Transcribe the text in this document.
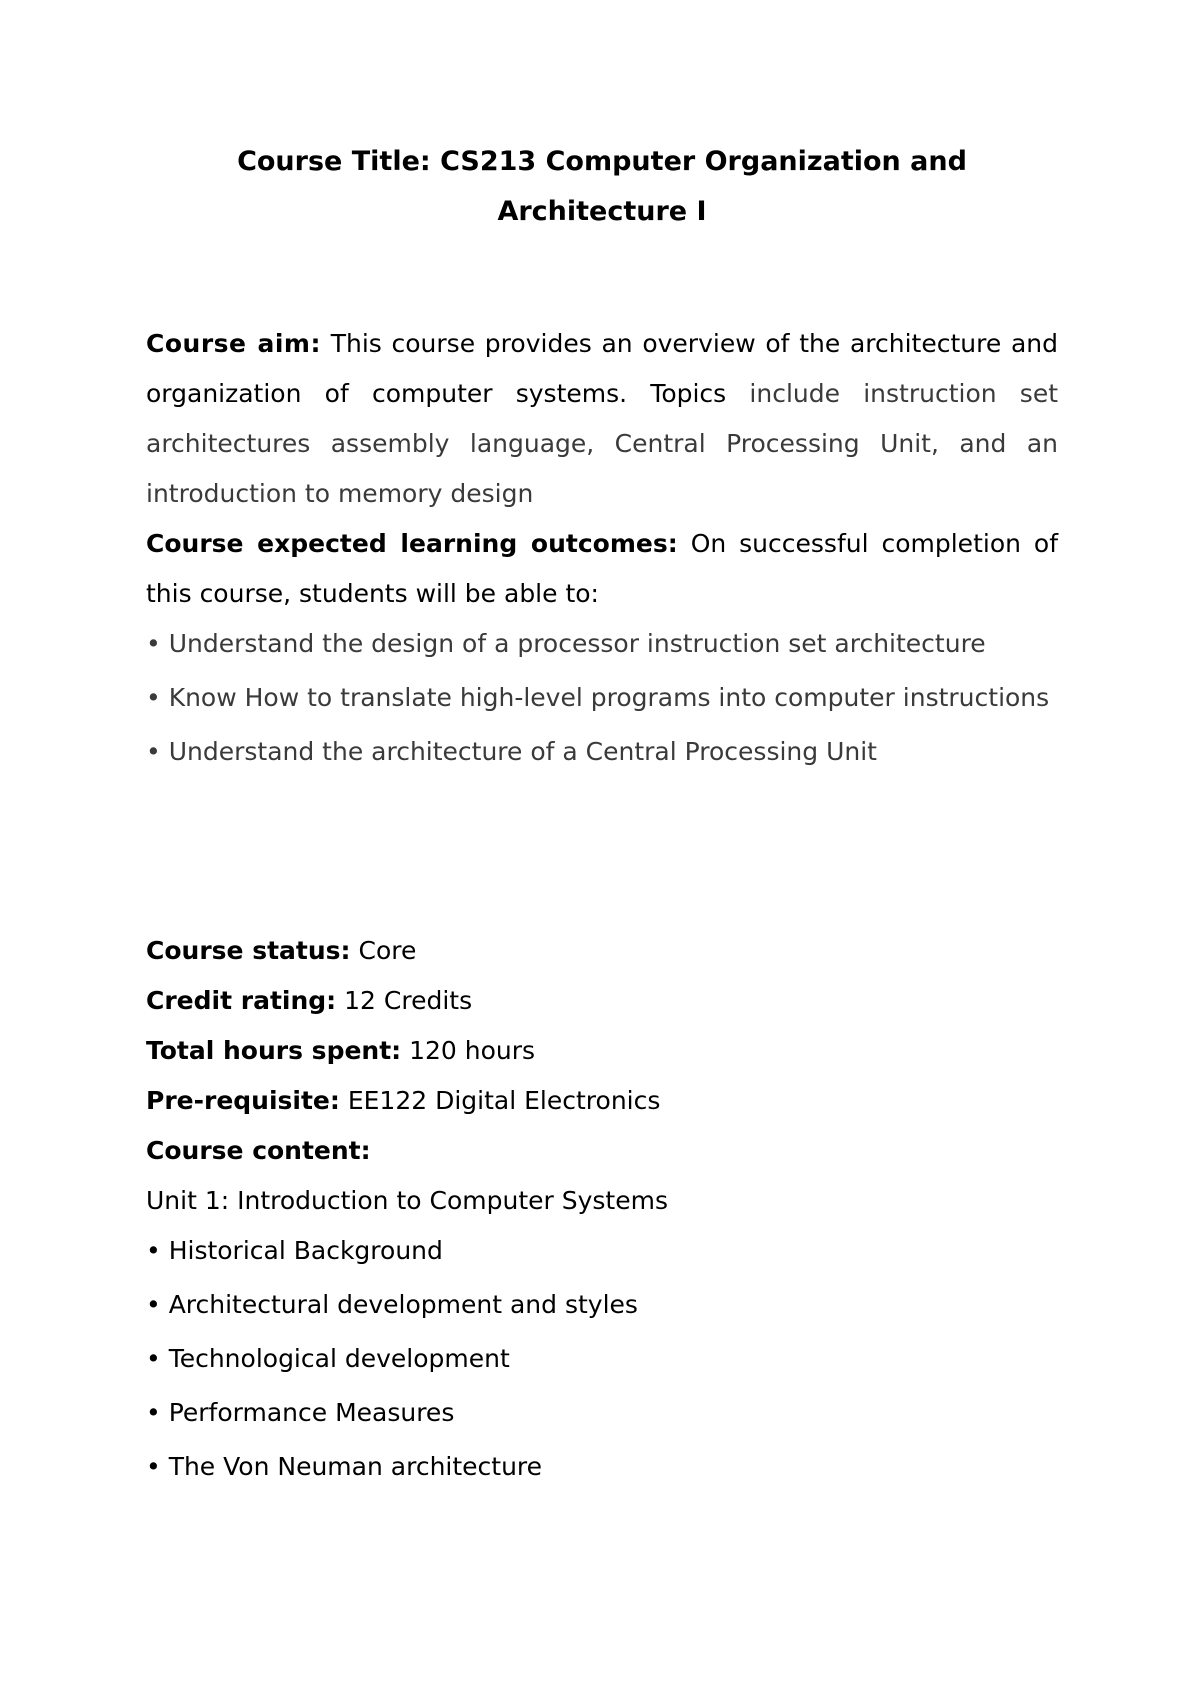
Course Title: CS213 Computer Organization and
Architecture I

Course aim: This course provides an overview of the architecture and organization of computer systems. Topics include instruction set architectures assembly language, Central Processing Unit, and an introduction to memory design

Course expected learning outcomes: On successful completion of this course, students will be able to:

• Understand the design of a processor instruction set architecture

• Know How to translate high-level programs into computer instructions

• Understand the architecture of a Central Processing Unit

Course status: Core

Credit rating: 12 Credits

Total hours spent: 120 hours

Pre-requisite: EE122 Digital Electronics

Course content:

Unit 1: Introduction to Computer Systems

• Historical Background

• Architectural development and styles

• Technological development

• Performance Measures

• The Von Neuman architecture
